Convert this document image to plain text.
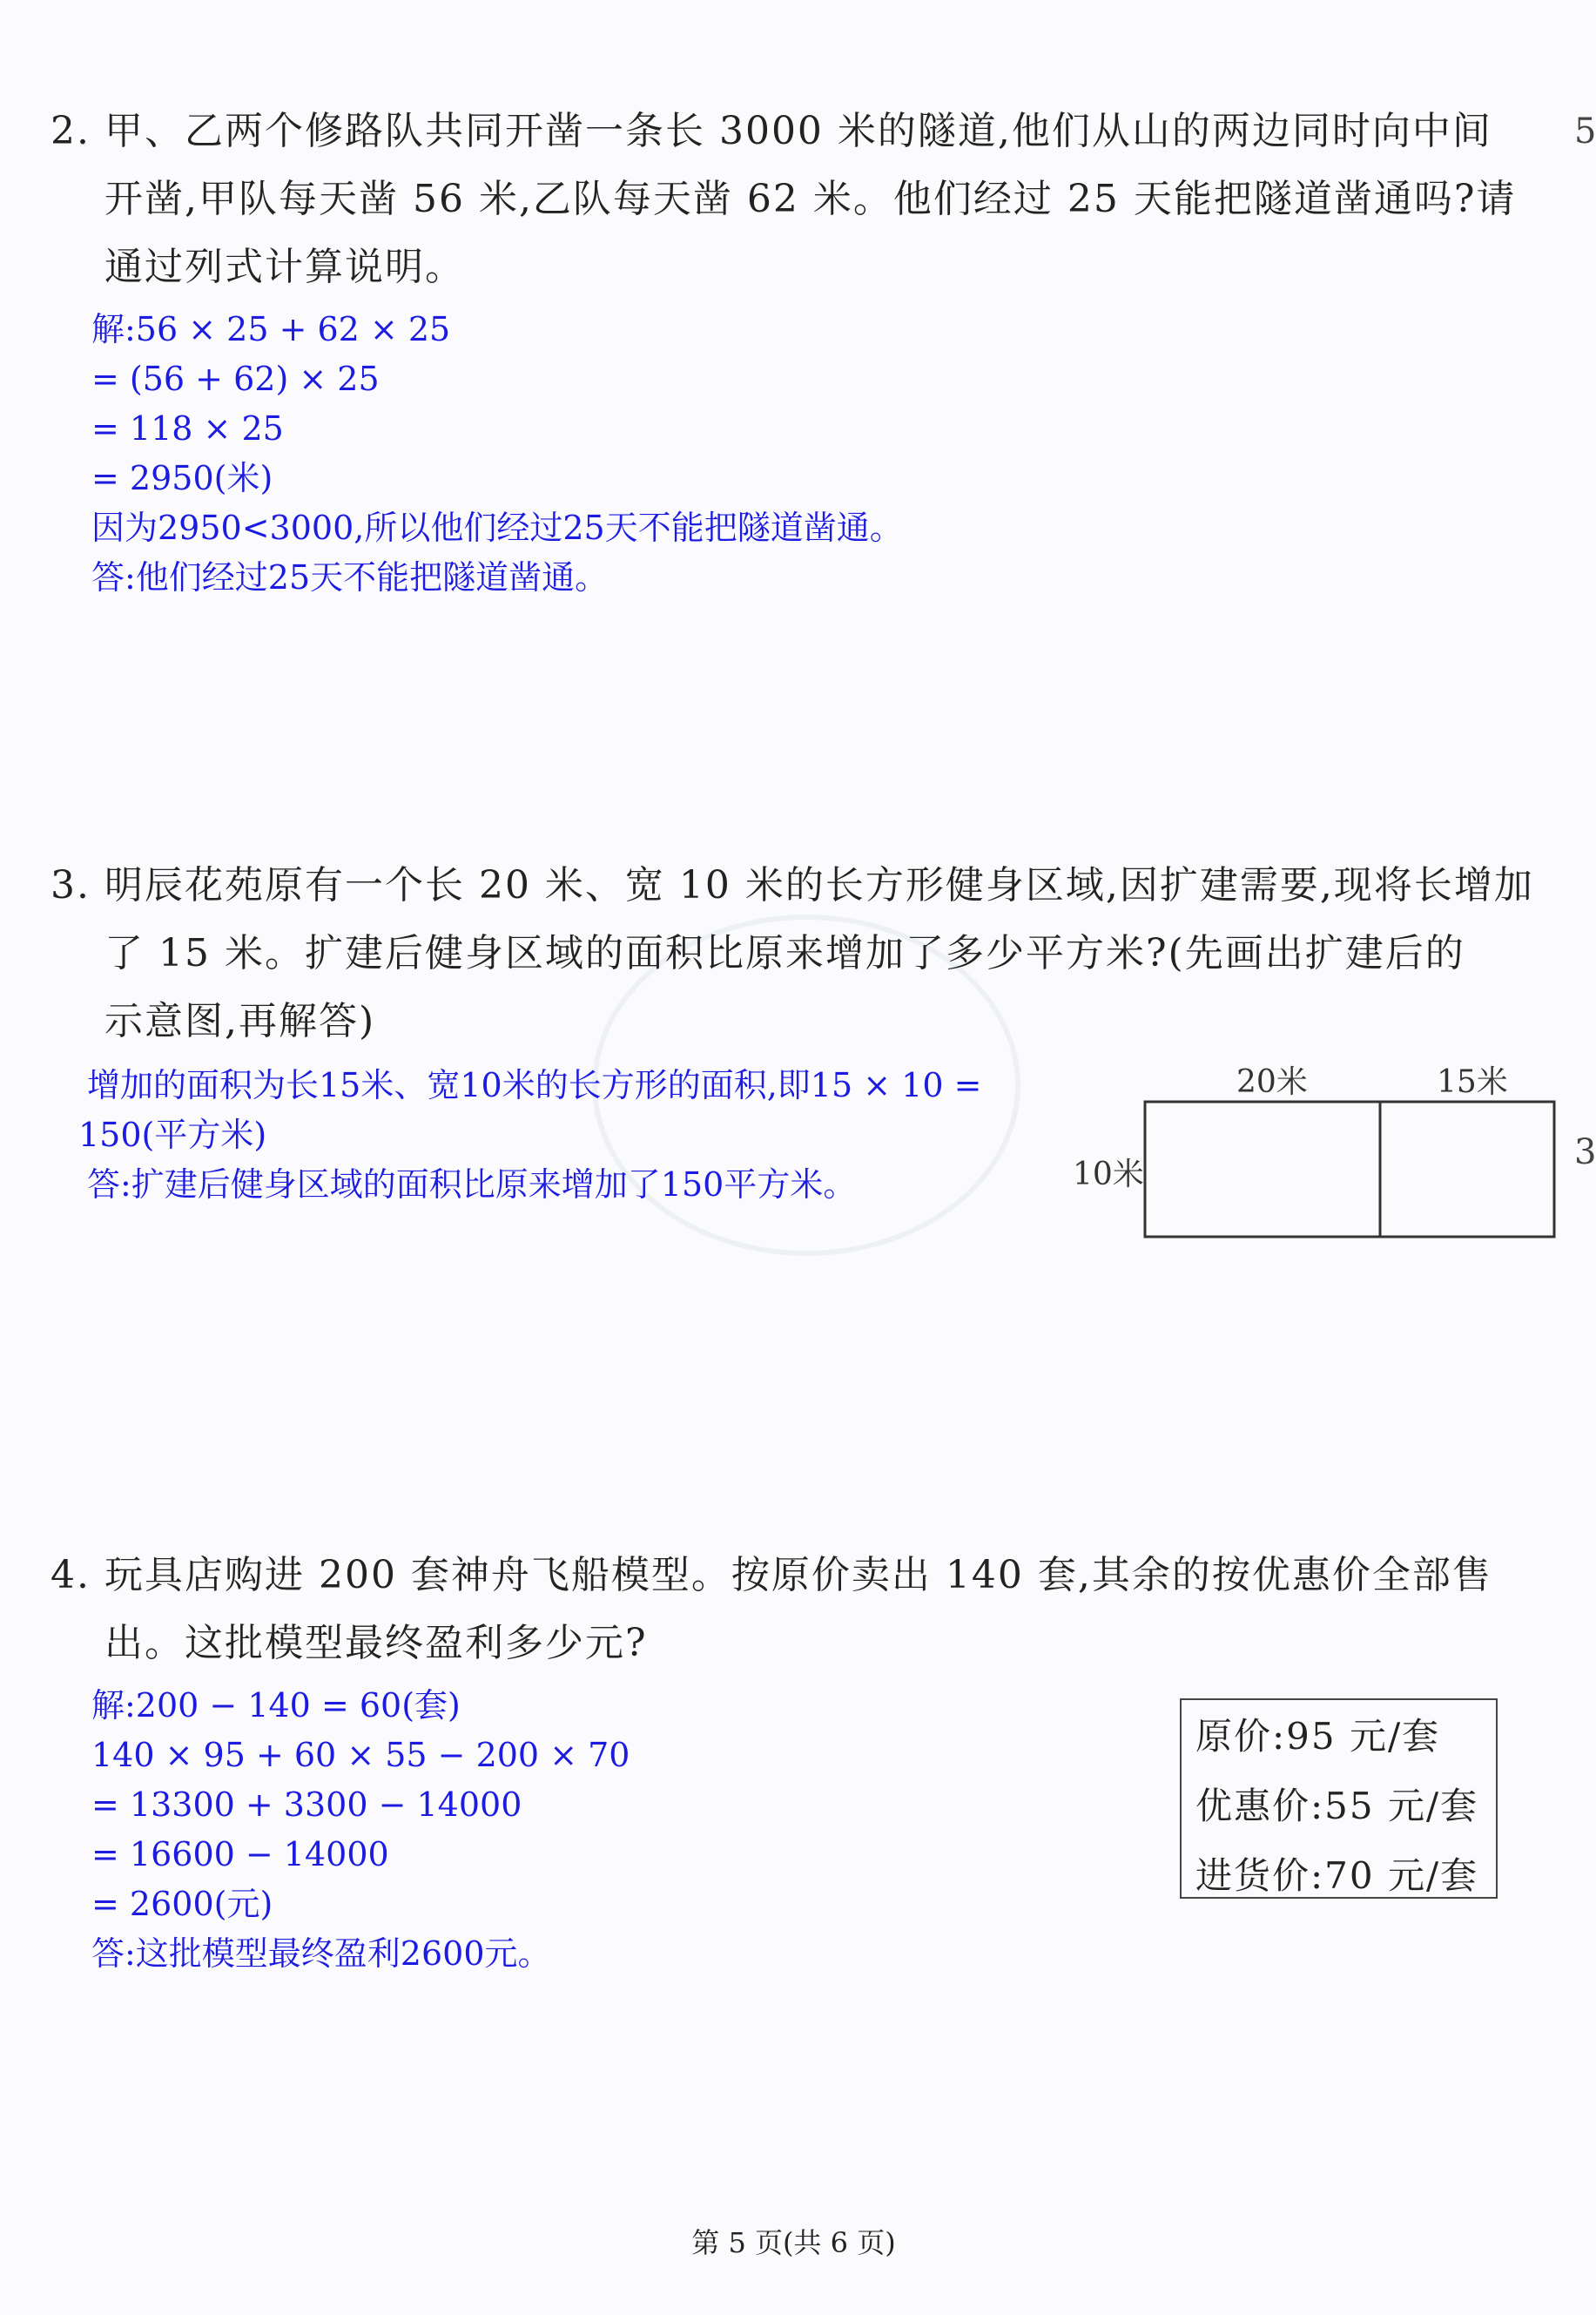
5
3
2. 甲、乙两个修路队共同开凿一条长 3000 米的隧道,他们从山的两边同时向中间
开凿,甲队每天凿 56 米,乙队每天凿 62 米。他们经过 25 天能把隧道凿通吗?请
通过列式计算说明。
解:56 × 25 + 62 × 25
= (56 + 62) × 25
= 118 × 25
= 2950(米)
因为2950<3000,所以他们经过25天不能把隧道凿通。
答:他们经过25天不能把隧道凿通。
3. 明辰花苑原有一个长 20 米、宽 10 米的长方形健身区域,因扩建需要,现将长增加
了 15 米。扩建后健身区域的面积比原来增加了多少平方米?(先画出扩建后的
示意图,再解答)
增加的面积为长15米、宽10米的长方形的面积,即15 × 10 =
150(平方米)
答:扩建后健身区域的面积比原来增加了150平方米。
20米	15米
10米
4. 玩具店购进 200 套神舟飞船模型。按原价卖出 140 套,其余的按优惠价全部售
出。这批模型最终盈利多少元?
解:200 − 140 = 60(套)
140 × 95 + 60 × 55 − 200 × 70
= 13300 + 3300 − 14000
= 16600 − 14000
= 2600(元)
答:这批模型最终盈利2600元。
原价:95 元/套
优惠价:55 元/套
进货价:70 元/套
第 5 页(共 6 页)
